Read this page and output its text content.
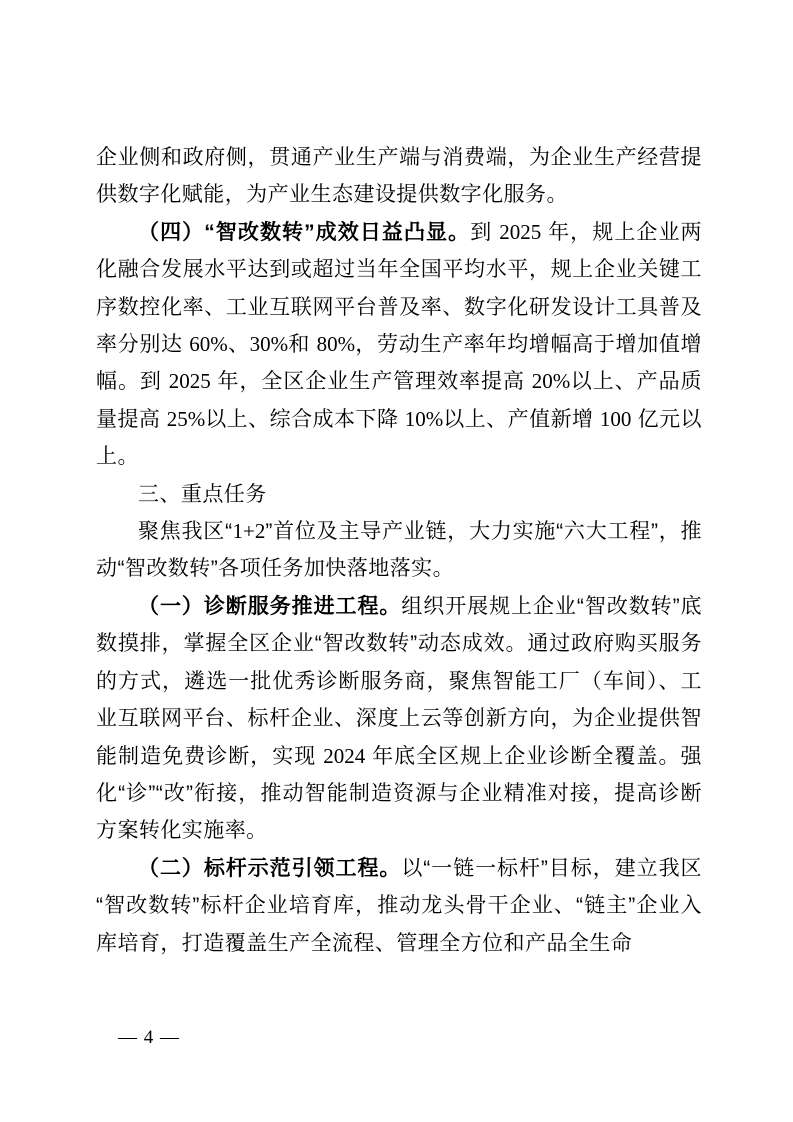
企业侧和政府侧，贯通产业生产端与消费端，为企业生产经营提供数字化赋能，为产业生态建设提供数字化服务。

（四）“智改数转”成效日益凸显。到 2025 年，规上企业两化融合发展水平达到或超过当年全国平均水平，规上企业关键工序数控化率、工业互联网平台普及率、数字化研发设计工具普及率分别达 60%、30%和 80%，劳动生产率年均增幅高于增加值增幅。到 2025 年，全区企业生产管理效率提高 20%以上、产品质量提高 25%以上、综合成本下降 10%以上、产值新增 100 亿元以上。

三、重点任务

聚焦我区“1+2”首位及主导产业链，大力实施“六大工程”，推动“智改数转”各项任务加快落地落实。

（一）诊断服务推进工程。组织开展规上企业“智改数转”底数摸排，掌握全区企业“智改数转”动态成效。通过政府购买服务的方式，遴选一批优秀诊断服务商，聚焦智能工厂（车间）、工业互联网平台、标杆企业、深度上云等创新方向，为企业提供智能制造免费诊断，实现 2024 年底全区规上企业诊断全覆盖。强化“诊”“改”衔接，推动智能制造资源与企业精准对接，提高诊断方案转化实施率。

（二）标杆示范引领工程。以“一链一标杆”目标，建立我区“智改数转”标杆企业培育库，推动龙头骨干企业、“链主”企业入库培育，打造覆盖生产全流程、管理全方位和产品全生命

— 4 —
